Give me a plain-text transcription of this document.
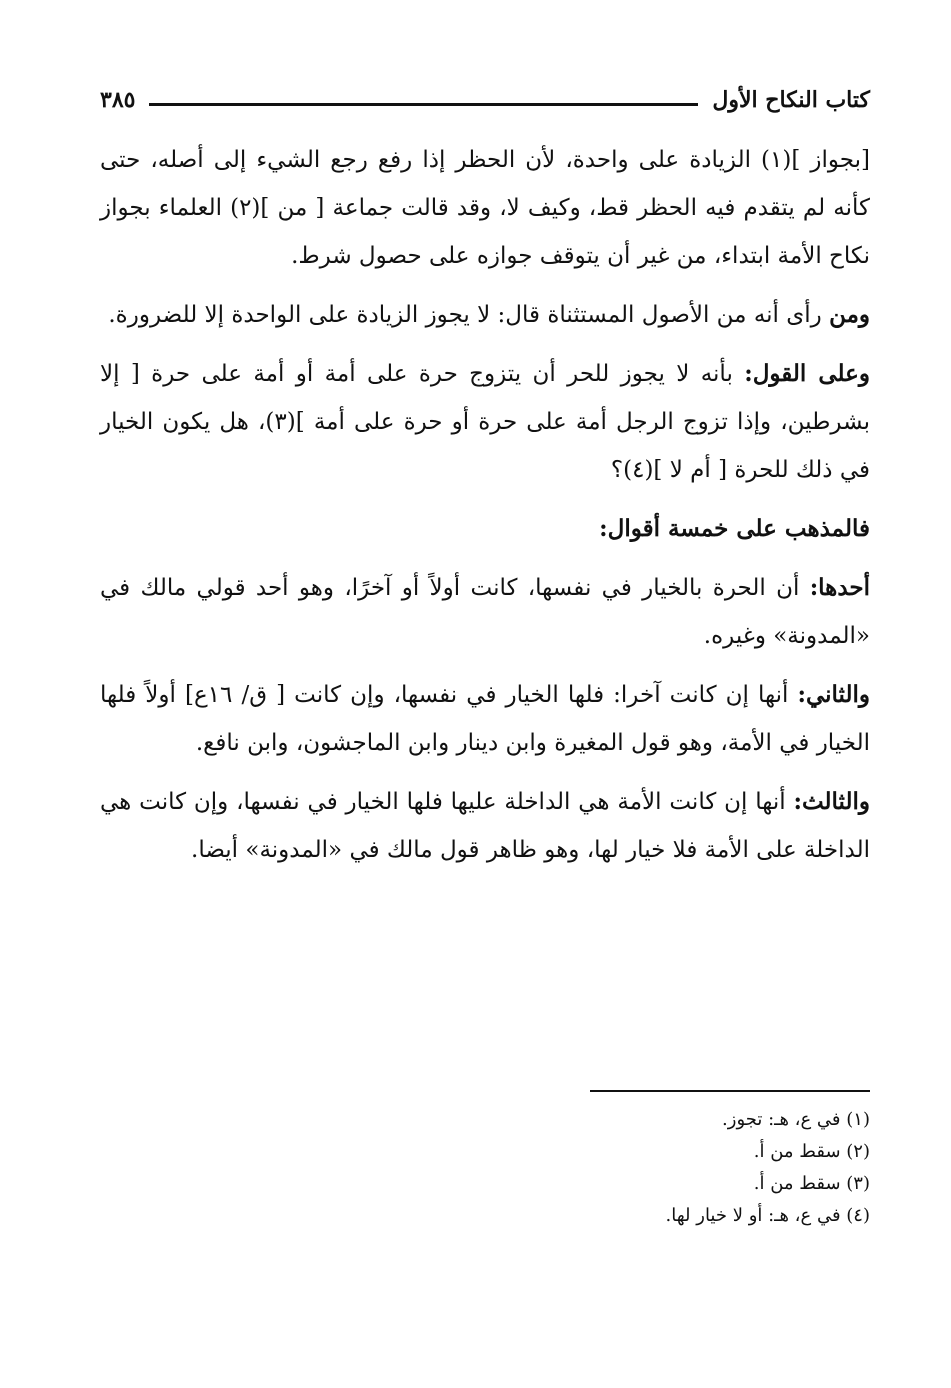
كتاب النكاح الأول
٣٨٥

[بجواز ](١) الزيادة على واحدة، لأن الحظر إذا رفع رجع الشيء إلى أصله، حتى كأنه لم يتقدم فيه الحظر قط، وكيف لا، وقد قالت جماعة [ من ](٢) العلماء بجواز نكاح الأمة ابتداء، من غير أن يتوقف جوازه على حصول شرط.

ومن رأى أنه من الأصول المستثناة قال: لا يجوز الزيادة على الواحدة إلا للضرورة.

وعلى القول: بأنه لا يجوز للحر أن يتزوج حرة على أمة أو أمة على حرة [ إلا بشرطين، وإذا تزوج الرجل أمة على حرة أو حرة على أمة ](٣)، هل يكون الخيار في ذلك للحرة [ أم لا ](٤)؟

فالمذهب على خمسة أقوال:

أحدها: أن الحرة بالخيار في نفسها، كانت أولاً أو آخرًا، وهو أحد قولي مالك في «المدونة» وغيره.

والثاني: أنها إن كانت آخرا: فلها الخيار في نفسها، وإن كانت [ ق/ ١٦ع] أولاً فلها الخيار في الأمة، وهو قول المغيرة وابن دينار وابن الماجشون، وابن نافع.

والثالث: أنها إن كانت الأمة هي الداخلة عليها فلها الخيار في نفسها، وإن كانت هي الداخلة على الأمة فلا خيار لها، وهو ظاهر قول مالك في «المدونة» أيضا.

(١) في ع، هـ: تجوز.

(٢) سقط من أ.

(٣) سقط من أ.

(٤) في ع، هـ: أو لا خيار لها.
